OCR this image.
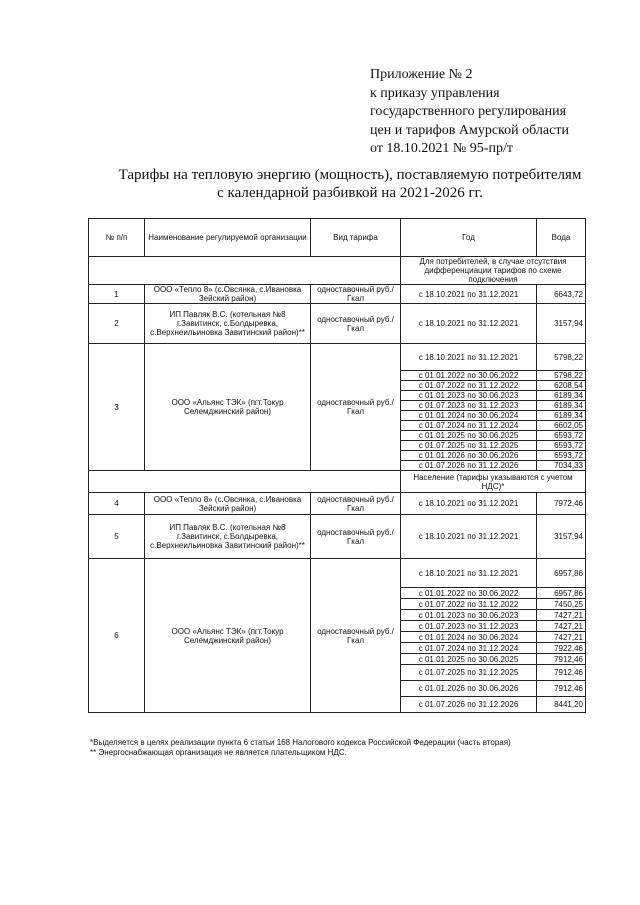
Приложение № 2
к приказу управления
государственного регулирования
цен и тарифов Амурской области
от 18.10.2021 № 95-пр/т
Тарифы на тепловую энергию (мощность), поставляемую потребителям
с календарной разбивкой на 2021-2026 гг.
№ п/п	Наименование регулируемой организации	Вид тарифа	Год	Вода
			Для потребителей, в случае отсутствия дифференциации тарифов по схеме подключения	
1	ООО «Тепло 8» (с.Овсянка, с.Ивановка Зейский район)	одноставочный руб./Гкал	с 18.10.2021 по 31.12.2021	6643,72
2	ИП Павляк В.С. (котельная №8 г.Завитинск, с.Болдыревка, с.Верхнеильиновка Завитинский район)**	одноставочный руб./Гкал	с 18.10.2021 по 31.12.2021	3157,94
3	ООО «Альянс ТЭК» (пгт.Токур Селемджинский район)	одноставочный руб./Гкал	с 18.10.2021 по 31.12.2021	5798,22
			с 01.01.2022 по 30.06.2022	5798,22
			с 01.07.2022 по 31.12.2022	6208,54
			с 01.01.2023 по 30.06.2023	6189,34
			с 01.07.2023 по 31.12.2023	6189,34
			с 01.01.2024 по 30.06.2024	6189,34
			с 01.07.2024 по 31.12.2024	6602,05
			с 01.01.2025 по 30.06.2025	6593,72
			с 01.07.2025 по 31.12.2025	6593,72
			с 01.01.2026 по 30.06.2026	6593,72
			с 01.07.2026 по 31.12.2026	7034,33
			Население (тарифы указываются с учетом НДС)*	
4	ООО «Тепло 8» (с.Овсянка, с.Ивановка Зейский район)	одноставочный руб./Гкал	с 18.10.2021 по 31.12.2021	7972,46
5	ИП Павляк В.С. (котельная №8 г.Завитинск, с.Болдыревка, с.Верхнеильиновка Завитинский район)**	одноставочный руб./Гкал	с 18.10.2021 по 31.12.2021	3157,94
6	ООО «Альянс ТЭК» (пгт.Токур Селемджинский район)	одноставочный руб./Гкал	с 18.10.2021 по 31.12.2021	6957,86
			с 01.01.2022 по 30.06.2022	6957,86
			с 01.07.2022 по 31.12.2022	7450,25
			с 01.01.2023 по 30.06.2023	7427,21
			с 01.07.2023 по 31.12.2023	7427,21
			с 01.01.2024 по 30.06.2024	7427,21
			с 01.07.2024 по 31.12.2024	7922,46
			с 01.01.2025 по 30.06.2025	7912,46
			с 01.07.2025 по 31.12.2025	7912,46
			с 01.01.2026 по 30.06.2026	7912,46
			с 01.07.2026 по 31.12.2026	8441,20
*Выделяется в целях реализации пункта 6 статьи 168 Налогового кодекса Российской Федерации (часть вторая)
** Энергоснабжающая организация не является плательщиком НДС.
